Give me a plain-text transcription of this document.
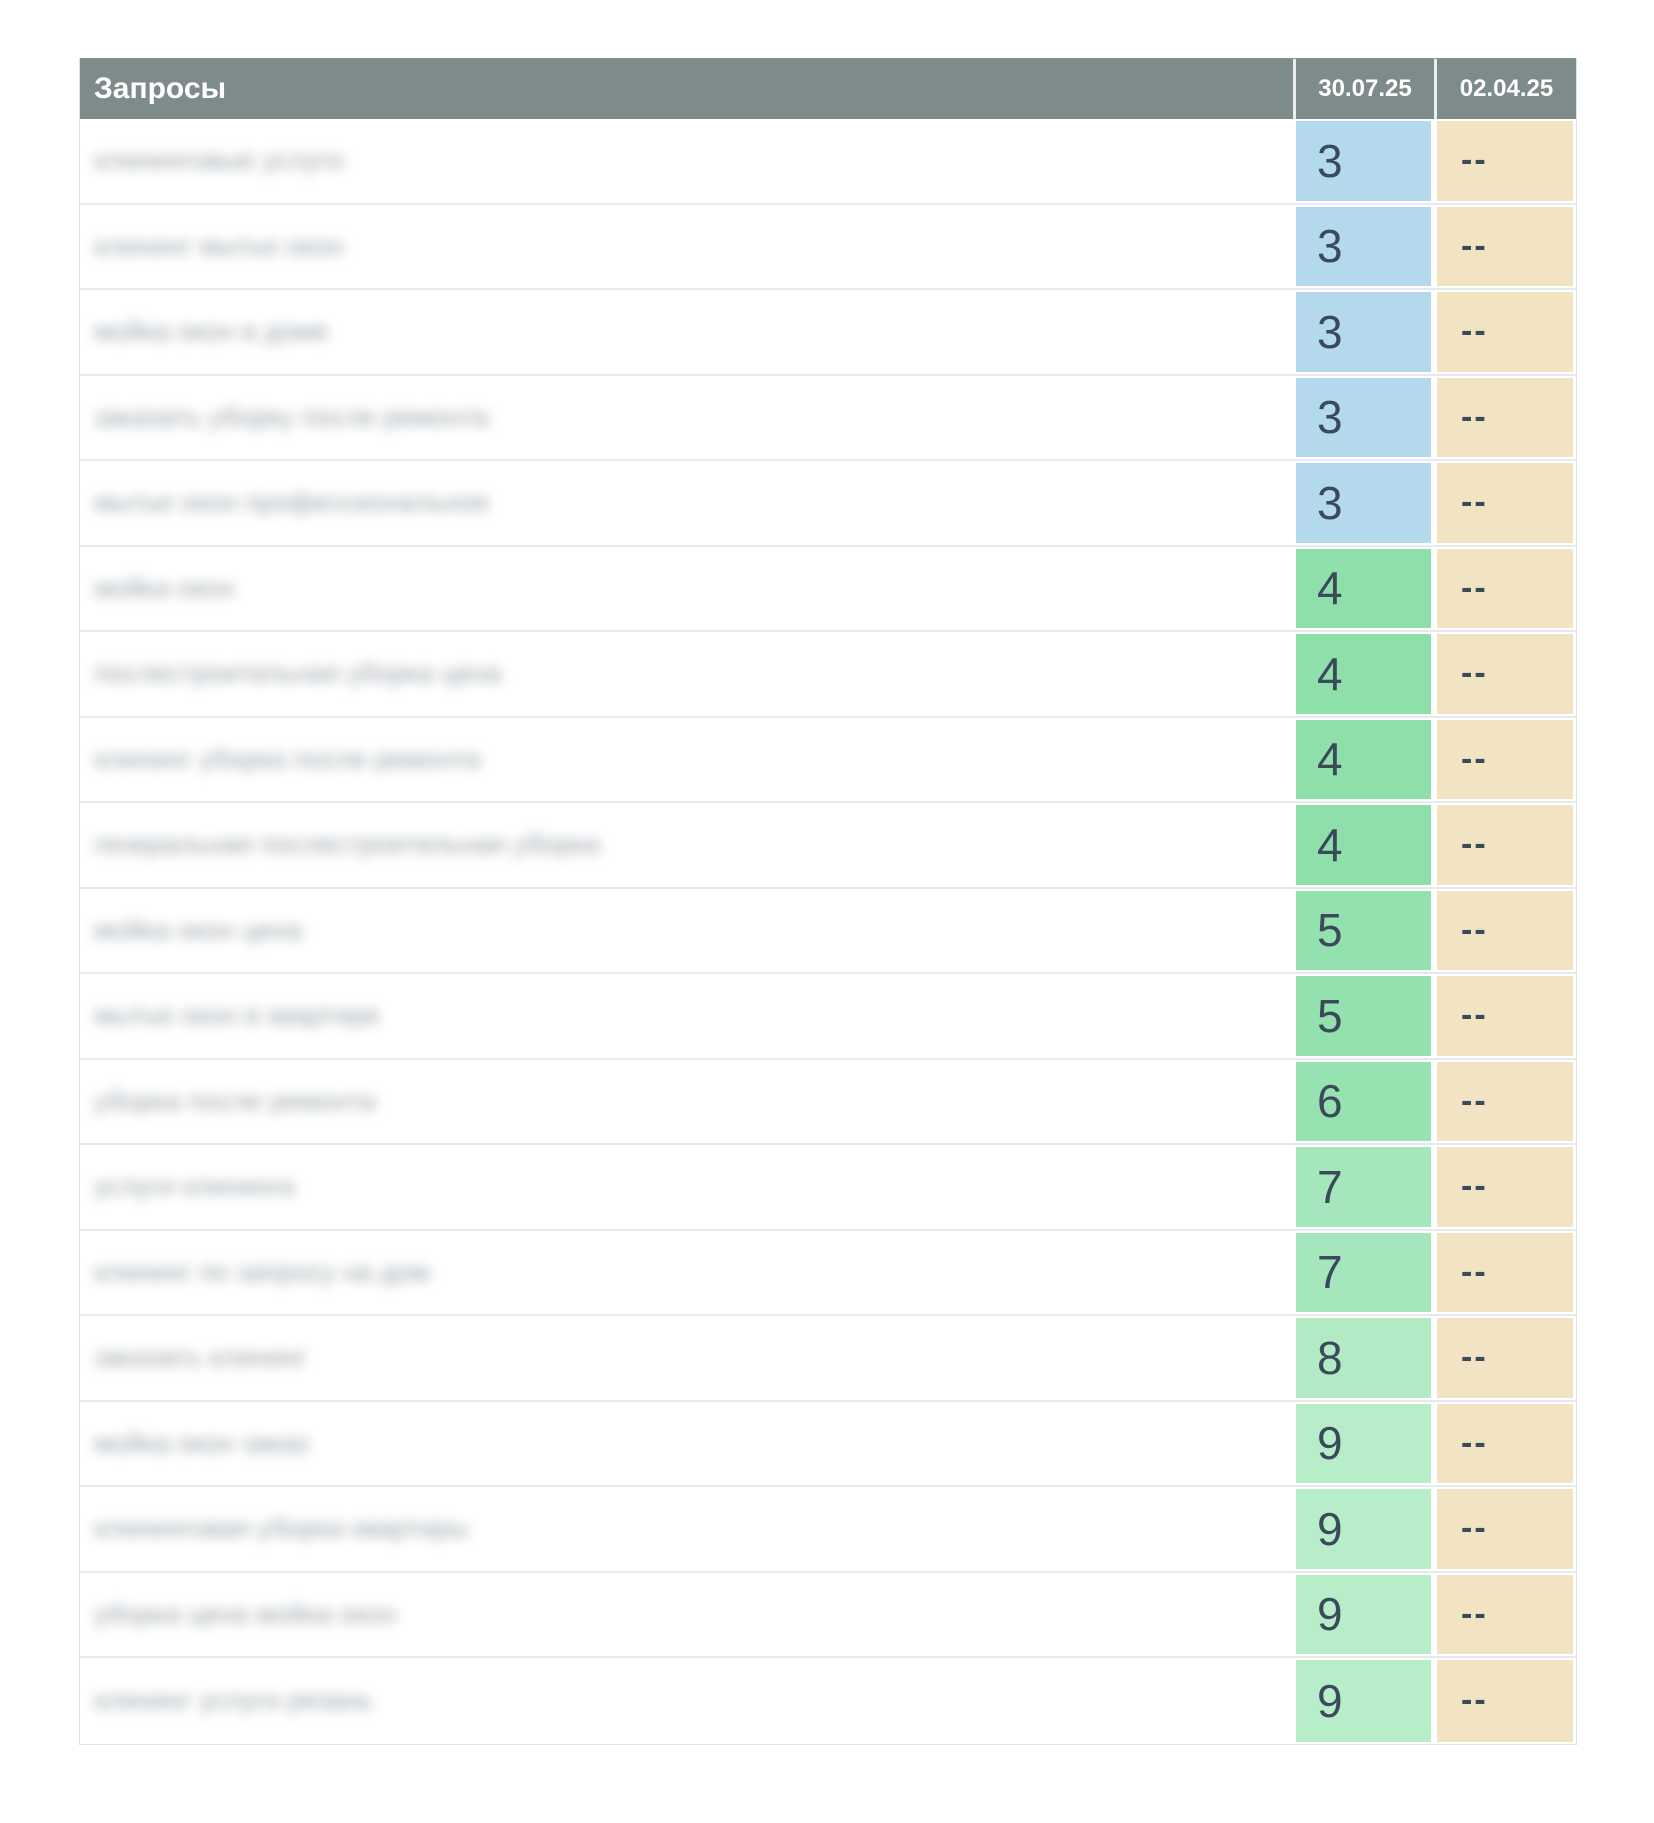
Запросы	30.07.25 02.04.25
клининговые услуги	3	--
клининг мытье окон	3	--
мойка окон в доме	3	--
заказать уборку после ремонта	3	--
мытье окон профессиональное	3	--
мойка окон	4	--
послестроительная уборка цена	4	--
клининг уборка после ремонта	4	--
генеральная послестроительная уборка	4	--
мойка окон цена	5	--
мытье окон в квартире	5	--
уборка после ремонта	6	--
услуги клининга	7	--
клининг по запросу на дом	7	--
заказать клининг	8	--
мойка окон заказ	9	--
клининговая уборка квартиры	9	--
уборка цена мойка окон	9	--
клининг услуги рязань	9	--
